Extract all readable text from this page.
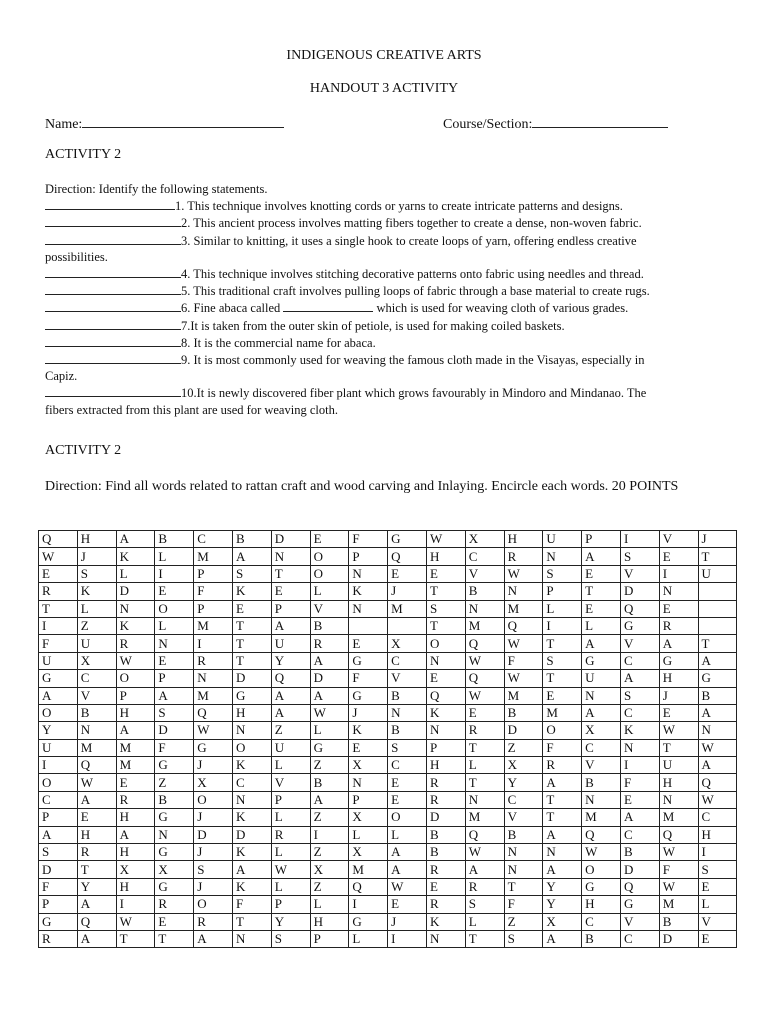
INDIGENOUS CREATIVE ARTS
HANDOUT 3 ACTIVITY
Name:	Course/Section:
ACTIVITY 2
Direction: Identify the following statements.
1. This technique involves knotting cords or yarns to create intricate patterns and designs.
2. This ancient process involves matting fibers together to create a dense, non-woven fabric.
3. Similar to knitting, it uses a single hook to create loops of yarn, offering endless creative
possibilities.
4. This technique involves stitching decorative patterns onto fabric using needles and thread.
5. This traditional craft involves pulling loops of fabric through a base material to create rugs.
6. Fine abaca called	which is used for weaving cloth of various grades.
7.It is taken from the outer skin of petiole, is used for making coiled baskets.
8. It is the commercial name for abaca.
9. It is most commonly used for weaving the famous cloth made in the Visayas, especially in
Capiz.
10.It is newly discovered fiber plant which grows favourably in Mindoro and Mindanao. The
fibers extracted from this plant are used for weaving cloth.
ACTIVITY 2
Direction: Find all words related to rattan craft and wood carving and Inlaying. Encircle each words. 20 POINTS
Q	H	A	B	C	B	D	E	F	G	W	X	H	U	P	I	V	J
W	J	K	L	M	A	N	O	P	Q	H	C	R	N	A	S	E	T
E	S	L	I	P	S	T	O	N	E	E	V	W	S	E	V	I	U
R	K	D	E	F	K	E	L	K	J	T	B	N	P	T	D	N	
T	L	N	O	P	E	P	V	N	M	S	N	M	L	E	Q	E	
I	Z	K	L	M	T	A	B			T	M	Q	I	L	G	R	
F	U	R	N	I	T	U	R	E	X	O	Q	W	T	A	V	A	T
U	X	W	E	R	T	Y	A	G	C	N	W	F	S	G	C	G	A
G	C	O	P	N	D	Q	D	F	V	E	Q	W	T	U	A	H	G
A	V	P	A	M	G	A	A	G	B	Q	W	M	E	N	S	J	B
O	B	H	S	Q	H	A	W	J	N	K	E	B	M	A	C	E	A
Y	N	A	D	W	N	Z	L	K	B	N	R	D	O	X	K	W	N
U	M	M	F	G	O	U	G	E	S	P	T	Z	F	C	N	T	W
I	Q	M	G	J	K	L	Z	X	C	H	L	X	R	V	I	U	A
O	W	E	Z	X	C	V	B	N	E	R	T	Y	A	B	F	H	Q
C	A	R	B	O	N	P	A	P	E	R	N	C	T	N	E	N	W
P	E	H	G	J	K	L	Z	X	O	D	M	V	T	M	A	M	C
A	H	A	N	D	D	R	I	L	L	B	Q	B	A	Q	C	Q	H
S	R	H	G	J	K	L	Z	X	A	B	W	N	N	W	B	W	I
D	T	X	X	S	A	W	X	M	A	R	A	N	A	O	D	F	S
F	Y	H	G	J	K	L	Z	Q	W	E	R	T	Y	G	Q	W	E
P	A	I	R	O	F	P	L	I	E	R	S	F	Y	H	G	M	L
G	Q	W	E	R	T	Y	H	G	J	K	L	Z	X	C	V	B	V
R	A	T	T	A	N	S	P	L	I	N	T	S	A	B	C	D	E
